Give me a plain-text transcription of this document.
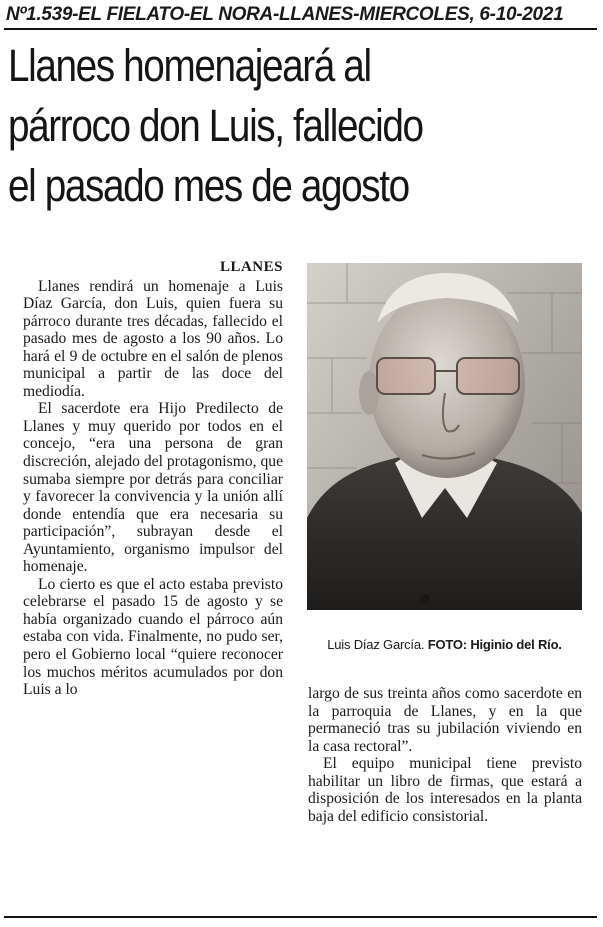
Nº1.539-EL FIELATO-EL NORA-LLANES-MIERCOLES, 6-10-2021
Llanes homenajeará al
párroco don Luis, fallecido
el pasado mes de agosto
LLANES

Llanes rendirá un homenaje a Luis Díaz García, don Luis, quien fuera su párroco durante tres décadas, fallecido el pasado mes de agosto a los 90 años. Lo hará el 9 de octubre en el salón de plenos municipal a partir de las doce del mediodía.

El sacerdote era Hijo Predilecto de Llanes y muy querido por todos en el concejo, “era una persona de gran discreción, alejado del protagonismo, que sumaba siempre por detrás para conciliar y favorecer la convivencia y la unión allí donde entendía que era necesaria su participación”, subrayan desde el Ayuntamiento, organismo impulsor del homenaje.

Lo cierto es que el acto estaba previsto celebrarse el pasado 15 de agosto y se había organizado cuando el párroco aún estaba con vida. Finalmente, no pudo ser, pero el Gobierno local “quiere reconocer los muchos méritos acumulados por don Luis a lo

Luis Díaz García. FOTO: Higinio del Río.

largo de sus treinta años como sacerdote en la parroquia de Llanes, y en la que permaneció tras su jubilación viviendo en la casa rectoral”.

El equipo municipal tiene previsto habilitar un libro de firmas, que estará a disposición de los interesados en la planta baja del edificio consistorial.
